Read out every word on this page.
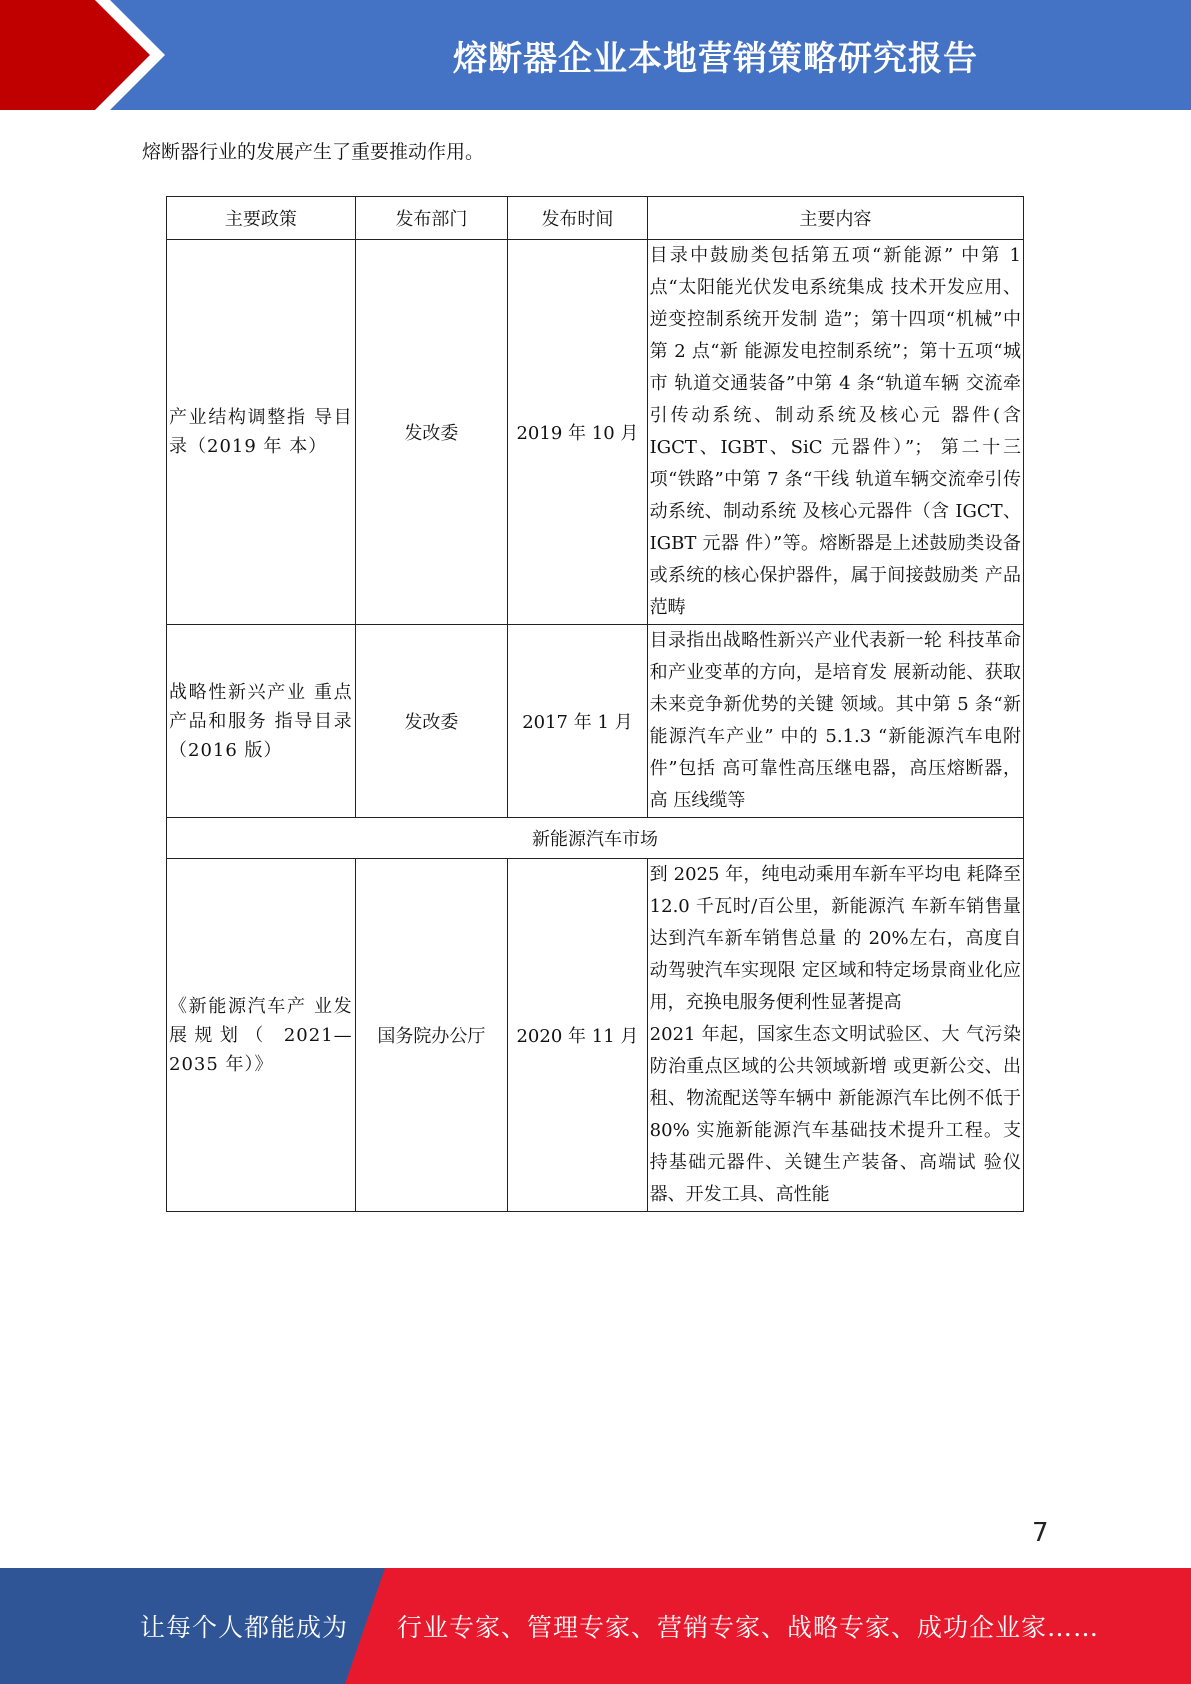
熔断器企业本地营销策略研究报告
熔断器行业的发展产生了重要推动作用。
主要政策	发布部门	发布时间	主要内容
产业结构调整指 导目录（2019 年 本）	发改委	2019 年 10 月	目录中鼓励类包括第五项“新能源” 中第 1 点“太阳能光伏发电系统集成 技术开发应用、逆变控制系统开发制 造”；第十四项“机械”中第 2 点“新 能源发电控制系统”；第十五项“城市 轨道交通装备”中第 4 条“轨道车辆 交流牵引传动系统、制动系统及核心元 器件(含 IGCT、IGBT、SiC 元器件）”； 第二十三项“铁路”中第 7 条“干线 轨道车辆交流牵引传动系统、制动系统 及核心元器件（含 IGCT、IGBT 元器 件）”等。熔断器是上述鼓励类设备或系统的核心保护器件，属于间接鼓励类 产品范畴
战略性新兴产业 重点产品和服务 指导目录（2016 版）	发改委	2017 年 1 月	目录指出战略性新兴产业代表新一轮 科技革命和产业变革的方向，是培育发 展新动能、获取未来竞争新优势的关键 领域。其中第 5 条“新能源汽车产业” 中的 5.1.3 “新能源汽车电附件”包括 高可靠性高压继电器，高压熔断器，高 压线缆等
新能源汽车市场			
《新能源汽车产 业发展规划（ 2021—2035 年）》	国务院办公厅	2020 年 11 月	到 2025 年，纯电动乘用车新车平均电 耗降至 12.0 千瓦时/百公里，新能源汽 车新车销售量达到汽车新车销售总量 的 20%左右，高度自动驾驶汽车实现限 定区域和特定场景商业化应用，充换电服务便利性显著提高
2021 年起，国家生态文明试验区、大 气污染防治重点区域的公共领域新增 或更新公交、出租、物流配送等车辆中 新能源汽车比例不低于 80% 实施新能源汽车基础技术提升工程。支 持基础元器件、关键生产装备、高端试 验仪器、开发工具、高性能
7
让每个人都能成为 行业专家、管理专家、营销专家、战略专家、成功企业家……
